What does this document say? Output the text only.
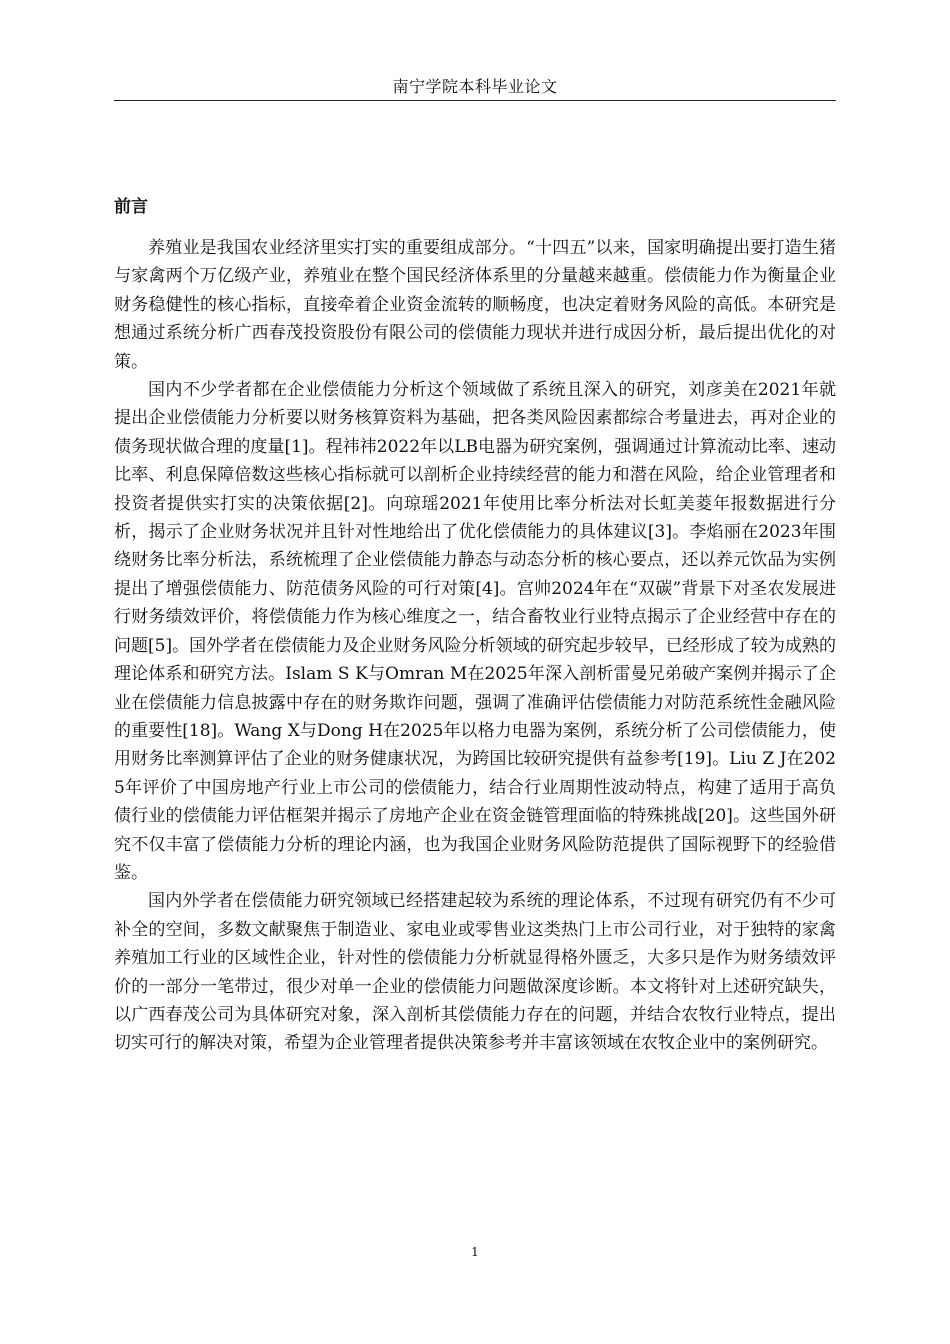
南宁学院本科毕业论文
前言

养殖业是我国农业经济里实打实的重要组成部分。“十四五”以来，国家明确提出要打造生猪与家禽两个万亿级产业，养殖业在整个国民经济体系里的分量越来越重。偿债能力作为衡量企业财务稳健性的核心指标，直接牵着企业资金流转的顺畅度，也决定着财务风险的高低。本研究是想通过系统分析广西春茂投资股份有限公司的偿债能力现状并进行成因分析，最后提出优化的对策。

国内不少学者都在企业偿债能力分析这个领域做了系统且深入的研究，刘彦美在2021年就提出企业偿债能力分析要以财务核算资料为基础，把各类风险因素都综合考量进去，再对企业的债务现状做合理的度量[1]。程祎祎2022年以LB电器为研究案例，强调通过计算流动比率、速动比率、利息保障倍数这些核心指标就可以剖析企业持续经营的能力和潜在风险，给企业管理者和投资者提供实打实的决策依据[2]。向琼瑶2021年使用比率分析法对长虹美菱年报数据进行分析，揭示了企业财务状况并且针对性地给出了优化偿债能力的具体建议[3]。李焰丽在2023年围绕财务比率分析法，系统梳理了企业偿债能力静态与动态分析的核心要点，还以养元饮品为实例提出了增强偿债能力、防范债务风险的可行对策[4]。宫帅2024年在“双碳”背景下对圣农发展进行财务绩效评价，将偿债能力作为核心维度之一，结合畜牧业行业特点揭示了企业经营中存在的问题[5]。国外学者在偿债能力及企业财务风险分析领域的研究起步较早，已经形成了较为成熟的理论体系和研究方法。Islam S K与Omran M在2025年深入剖析雷曼兄弟破产案例并揭示了企业在偿债能力信息披露中存在的财务欺诈问题，强调了准确评估偿债能力对防范系统性金融风险的重要性[18]。Wang X与Dong H在2025年以格力电器为案例，系统分析了公司偿债能力，使用财务比率测算评估了企业的财务健康状况，为跨国比较研究提供有益参考[19]。Liu Z J在2025年评价了中国房地产行业上市公司的偿债能力，结合行业周期性波动特点，构建了适用于高负债行业的偿债能力评估框架并揭示了房地产企业在资金链管理面临的特殊挑战[20]。这些国外研究不仅丰富了偿债能力分析的理论内涵，也为我国企业财务风险防范提供了国际视野下的经验借鉴。

国内外学者在偿债能力研究领域已经搭建起较为系统的理论体系，不过现有研究仍有不少可补全的空间，多数文献聚焦于制造业、家电业或零售业这类热门上市公司行业，对于独特的家禽养殖加工行业的区域性企业，针对性的偿债能力分析就显得格外匮乏，大多只是作为财务绩效评价的一部分一笔带过，很少对单一企业的偿债能力问题做深度诊断。本文将针对上述研究缺失，以广西春茂公司为具体研究对象，深入剖析其偿债能力存在的问题，并结合农牧行业特点，提出切实可行的解决对策，希望为企业管理者提供决策参考并丰富该领域在农牧企业中的案例研究。

1
